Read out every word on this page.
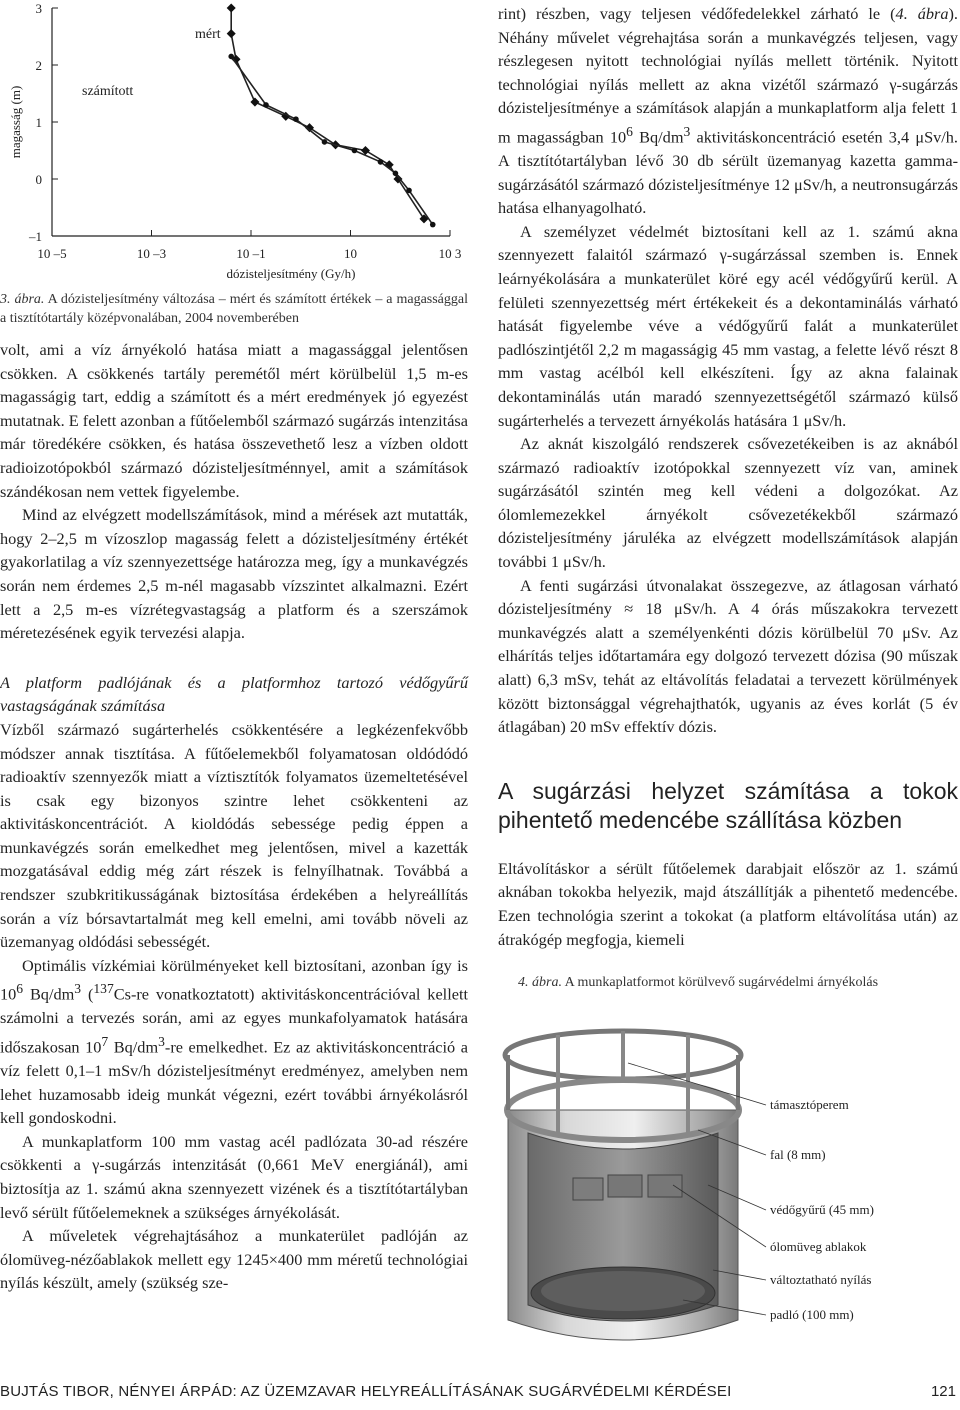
3
2
1
0
–1
10 –5	10 –3	10 –1	10	10 3
dózisteljesítmény (Gy/h)
magasság (m)
mért
számított
3. ábra. A dózisteljesítmény változása – mért és számított értékek – a magassággal a tisztítótartály középvonalában, 2004 novemberében

volt, ami a víz árnyékoló hatása miatt a magassággal jelentősen csökken. A csökkenés tartály peremétől mért körülbelül 1,5 m-es magasságig tart, eddig a számított és a mért eredmények jó egyezést mutatnak. E felett azonban a fűtőelemből származó sugárzás intenzitása már töredékére csökken, és hatása összevethető lesz a vízben oldott radioizotópokból származó dózisteljesítménnyel, amit a számítások szándékosan nem vettek figyelembe.

Mind az elvégzett modellszámítások, mind a mérések azt mutatták, hogy 2–2,5 m vízoszlop magasság felett a dózisteljesítmény értékét gyakorlatilag a víz szennyezettsége határozza meg, így a munkavégzés során nem érdemes 2,5 m-nél magasabb vízszintet alkalmazni. Ezért lett a 2,5 m-es vízrétegvastagság a platform és a szerszámok méretezésének egyik tervezési alapja.

A platform padlójának és a platformhoz tartozó védőgyűrű vastagságának számítása

Vízből származó sugárterhelés csökkentésére a legkézenfekvőbb módszer annak tisztítása. A fűtőelemekből folyamatosan oldódódó radioaktív szennyezők miatt a víztisztítók folyamatos üzemeltetésével is csak egy bizonyos szintre lehet csökkenteni az aktivitáskoncentrációt. A kioldódás sebessége pedig éppen a munkavégzés során emelkedhet meg jelentősen, mivel a kazetták mozgatásával eddig még zárt részek is felnyílhatnak. Továbbá a rendszer szubkritikusságának biztosítása érdekében a helyreállítás során a víz bórsavtartalmát meg kell emelni, ami tovább növeli az üzemanyag oldódási sebességét.

Optimális vízkémiai körülményeket kell biztosítani, azonban így is $10^6$ $Bq/dm^3$ ($^{137}$Cs-re vonatkoztatott) aktivitáskoncentrációval kellett számolni a tervezés során, ami az egyes munkafolyamatok hatására időszakosan $10^7$ $Bq/dm^3-re$ emelkedhet. Ez az aktivitáskoncentráció a víz felett 0,1–1 mSv/h dózisteljesítményt eredményez, amelyben nem lehet huzamosabb ideig munkát végezni, ezért további árnyékolásról kell gondoskodni.

A munkaplatform 100 mm vastag acél padlózata 30-ad részére csökkenti a γ-sugárzás intenzitását (0,661 MeV energiánál), ami biztosítja az 1. számú akna szennyezett vizének és a tisztítótartályban levő sérült fűtőelemeknek a szükséges árnyékolását.

A műveletek végrehajtásához a munkaterület padlóján az ólomüveg-nézőablakok mellett egy 1245×400 mm méretű technológiai nyílás készült, amely (szükség sze-

rint) részben, vagy teljesen védőfedelekkel zárható le (4. ábra). Néhány művelet végrehajtása során a munkavégzés teljesen, vagy részlegesen nyitott technológiai nyílás mellett történik. Nyitott technológiai nyílás mellett az akna vizétől származó γ-sugárzás dózisteljesítménye a számítások alapján a munkaplatform alja felett 1 m magasságban $10^6$ $Bq/dm^3$ aktivitáskoncentráció esetén 3,4 μSv/h. A tisztítótartályban lévő 30 db sérült üzemanyag kazetta gamma-sugárzásától származó dózisteljesítménye 12 μSv/h, a neutronsugárzás hatása elhanyagolható.

A személyzet védelmét biztosítani kell az 1. számú akna szennyezett falaitól származó γ-sugárzással szemben is. Ennek leárnyékolására a munkaterület köré egy acél védőgyűrű kerül. A felületi szennyezettség mért értékekeit és a dekontaminálás várható hatását figyelembe véve a védőgyűrű falát a munkaterület padlószintjétől 2,2 m magasságig 45 mm vastag, a felette lévő részt 8 mm vastag acélból kell elkészíteni. Így az akna falainak dekontaminálás után maradó szennyezettségétől származó külső sugárterhelés a tervezett árnyékolás hatására 1 μSv/h.

Az aknát kiszolgáló rendszerek csővezetékeiben is az aknából származó radioaktív izotópokkal szennyezett víz van, aminek sugárzásától szintén meg kell védeni a dolgozókat. Az ólomlemezekkel árnyékolt csővezetékekből származó dózisteljesítmény járuléka az elvégzett modellszámítások alapján további 1 μSv/h.

A fenti sugárzási útvonalakat összegezve, az átlagosan várható dózisteljesítmény ≈ 18 μSv/h. A 4 órás műszakokra tervezett munkavégzés alatt a személyenkénti dózis körülbelül 70 μSv. Az elhárítás teljes időtartamára egy dolgozó tervezett dózisa (90 műszak alatt) 6,3 mSv, tehát az eltávolítás feladatai a tervezett körülmények között biztonsággal végrehajthatók, ugyanis az éves korlát (5 év átlagában) 20 mSv effektív dózis.

A sugárzási helyzet számítása a tokok pihentető medencébe szállítása közben

Eltávolításkor a sérült fűtőelemek darabjait először az 1. számú aknában tokokba helyezik, majd átszállítják a pihentető medencébe. Ezen technológia szerint a tokokat (a platform eltávolítása után) az átrakógép megfogja, kiemeli

4. ábra. A munkaplatformot körülvevő sugárvédelmi árnyékolás

támasztóperem
fal (8 mm)
védőgyűrű (45 mm)
ólomüveg ablakok
változtatható nyílás
padló (100 mm)
BUJTÁS TIBOR, NÉNYEI ÁRPÁD: AZ ÜZEMZAVAR HELYREÁLLÍTÁSÁNAK SUGÁRVÉDELMI KÉRDÉSEI	121
